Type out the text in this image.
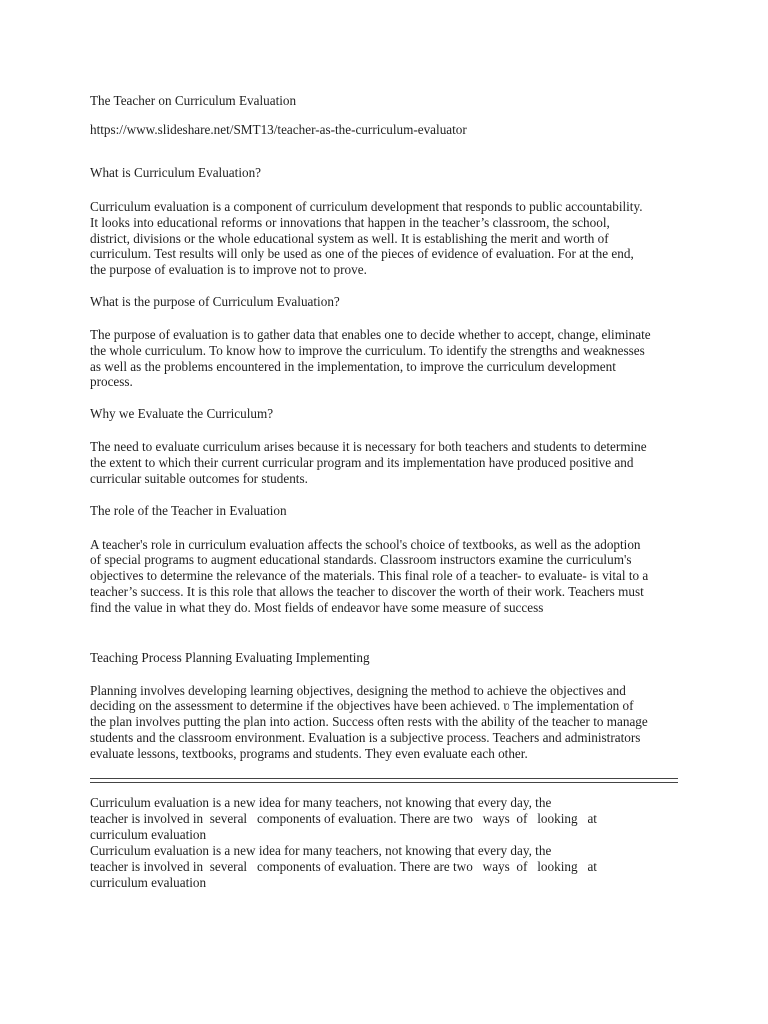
The Teacher on Curriculum Evaluation

https://www.slideshare.net/SMT13/teacher-as-the-curriculum-evaluator

What is Curriculum Evaluation?

Curriculum evaluation is a component of curriculum development that responds to public accountability.
It looks into educational reforms or innovations that happen in the teacher’s classroom, the school,
district, divisions or the whole educational system as well. It is establishing the merit and worth of
curriculum. Test results will only be used as one of the pieces of evidence of evaluation. For at the end,
the purpose of evaluation is to improve not to prove.

What is the purpose of Curriculum Evaluation?

The purpose of evaluation is to gather data that enables one to decide whether to accept, change, eliminate
the whole curriculum. To know how to improve the curriculum. To identify the strengths and weaknesses
as well as the problems encountered in the implementation, to improve the curriculum development
process.

Why we Evaluate the Curriculum?

The need to evaluate curriculum arises because it is necessary for both teachers and students to determine
the extent to which their current curricular program and its implementation have produced positive and
curricular suitable outcomes for students.

The role of the Teacher in Evaluation

A teacher's role in curriculum evaluation affects the school's choice of textbooks, as well as the adoption
of special programs to augment educational standards. Classroom instructors examine the curriculum's
objectives to determine the relevance of the materials. This final role of a teacher- to evaluate- is vital to a
teacher’s success. It is this role that allows the teacher to discover the worth of their work. Teachers must
find the value in what they do. Most fields of endeavor have some measure of success

Teaching Process Planning Evaluating Implementing

Planning involves developing learning objectives, designing the method to achieve the objectives and
deciding on the assessment to determine if the objectives have been achieved. ʋ The implementation of
the plan involves putting the plan into action. Success often rests with the ability of the teacher to manage
students and the classroom environment. Evaluation is a subjective process. Teachers and administrators
evaluate lessons, textbooks, programs and students. They even evaluate each other.
Curriculum evaluation is a new idea for many teachers, not knowing that every day, the
teacher is involved in  several   components of evaluation. There are two   ways  of   looking   at
curriculum evaluation
Curriculum evaluation is a new idea for many teachers, not knowing that every day, the
teacher is involved in  several   components of evaluation. There are two   ways  of   looking   at
curriculum evaluation
